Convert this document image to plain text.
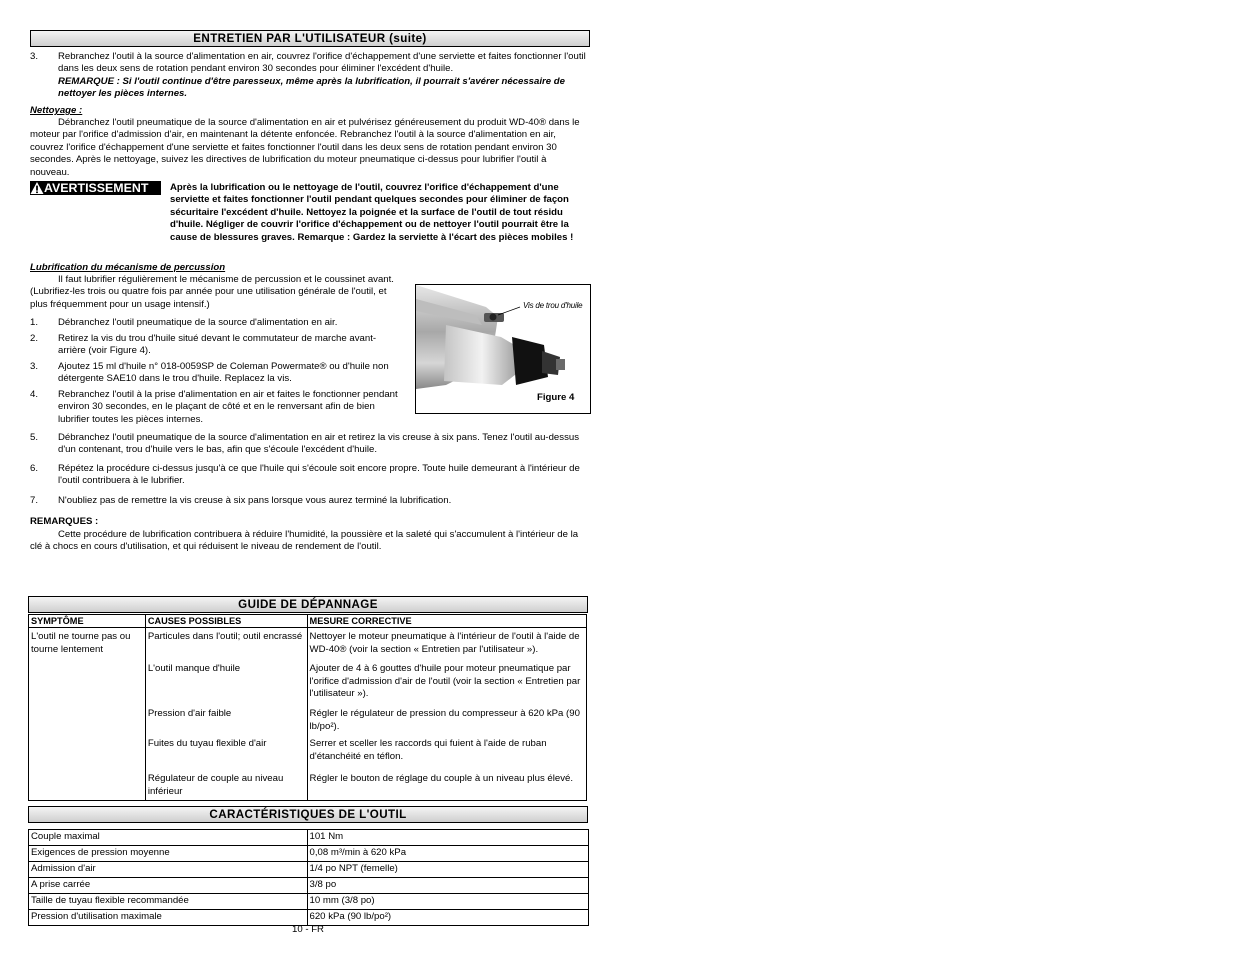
ENTRETIEN PAR L'UTILISATEUR (suite)
3.	Rebranchez l'outil à la source d'alimentation en air, couvrez l'orifice d'échappement d'une serviette et faites fonctionner l'outil dans les deux sens de rotation pendant environ 30 secondes pour éliminer l'excédent d'huile.
REMARQUE : Si l'outil continue d'être paresseux, même après la lubrification, il pourrait s'avérer nécessaire de nettoyer les pièces internes.
Nettoyage :
Débranchez l'outil pneumatique de la source d'alimentation en air et pulvérisez généreusement du produit WD-40® dans le moteur par l'orifice d'admission d'air, en maintenant la détente enfoncée. Rebranchez l'outil à la source d'alimentation en air, couvrez l'orifice d'échappement d'une serviette et faites fonctionner l'outil dans les deux sens de rotation pendant environ 30 secondes. Après le nettoyage, suivez les directives de lubrification du moteur pneumatique ci-dessus pour lubrifier l'outil à nouveau.
AVERTISSEMENT	Après la lubrification ou le nettoyage de l'outil, couvrez l'orifice d'échappement d'une serviette et faites fonctionner l'outil pendant quelques secondes pour éliminer de façon sécuritaire l'excédent d'huile. Nettoyez la poignée et la surface de l'outil de tout résidu d'huile. Négliger de couvrir l'orifice d'échappement ou de nettoyer l'outil pourrait être la cause de blessures graves. Remarque : Gardez la serviette à l'écart des pièces mobiles !
Lubrification du mécanisme de percussion
Il faut lubrifier régulièrement le mécanisme de percussion et le coussinet avant. (Lubrifiez-les trois ou quatre fois par année pour une utilisation générale de l'outil, et plus fréquemment pour un usage intensif.)
1.	Débranchez l'outil pneumatique de la source d'alimentation en air.
2.	Retirez la vis du trou d'huile situé devant le commutateur de marche avant-arrière (voir Figure 4).
3.	Ajoutez 15 ml d'huile n° 018-0059SP de Coleman Powermate® ou d'huile non détergente SAE10 dans le trou d'huile. Replacez la vis.
4.	Rebranchez l'outil à la prise d'alimentation en air et faites le fonctionner pendant environ 30 secondes, en le plaçant de côté et en le renversant afin de bien lubrifier toutes les pièces internes.
Vis de trou d'huile
Figure 4
5.	Débranchez l'outil pneumatique de la source d'alimentation en air et retirez la vis creuse à six pans. Tenez l'outil au-dessus d'un contenant, trou d'huile vers le bas, afin que s'écoule l'excédent d'huile.
6.	Répétez la procédure ci-dessus jusqu'à ce que l'huile qui s'écoule soit encore propre. Toute huile demeurant à l'intérieur de l'outil contribuera à le lubrifier.
7.	N'oubliez pas de remettre la vis creuse à six pans lorsque vous aurez terminé la lubrification.
REMARQUES :
Cette procédure de lubrification contribuera à réduire l'humidité, la poussière et la saleté qui s'accumulent à l'intérieur de la clé à chocs en cours d'utilisation, et qui réduisent le niveau de rendement de l'outil.
GUIDE DE DÉPANNAGE
SYMPTÔME	CAUSES POSSIBLES	MESURE CORRECTIVE
L'outil ne tourne pas ou tourne lentement	Particules dans l'outil; outil encrassé	Nettoyer le moteur pneumatique à l'intérieur de l'outil à l'aide de WD-40® (voir la section « Entretien par l'utilisateur »).
	L'outil manque d'huile	Ajouter de 4 à 6 gouttes d'huile pour moteur pneumatique par l'orifice d'admission d'air de l'outil (voir la section « Entretien par l'utilisateur »).
	Pression d'air faible	Régler le régulateur de pression du compresseur à 620 kPa (90 lb/po²).
	Fuites du tuyau flexible d'air	Serrer et sceller les raccords qui fuient à l'aide de ruban d'étanchéité en téflon.
	Régulateur de couple au niveau inférieur	Régler le bouton de réglage du couple à un niveau plus élevé.
CARACTÉRISTIQUES DE L'OUTIL
Couple maximal	101 Nm
Exigences de pression moyenne	0,08 m³/min à 620 kPa
Admission d'air	1/4 po NPT (femelle)
A prise carrée	3/8 po
Taille de tuyau flexible recommandée	10 mm (3/8 po)
Pression d'utilisation maximale	620 kPa (90 lb/po²)
10 - FR
